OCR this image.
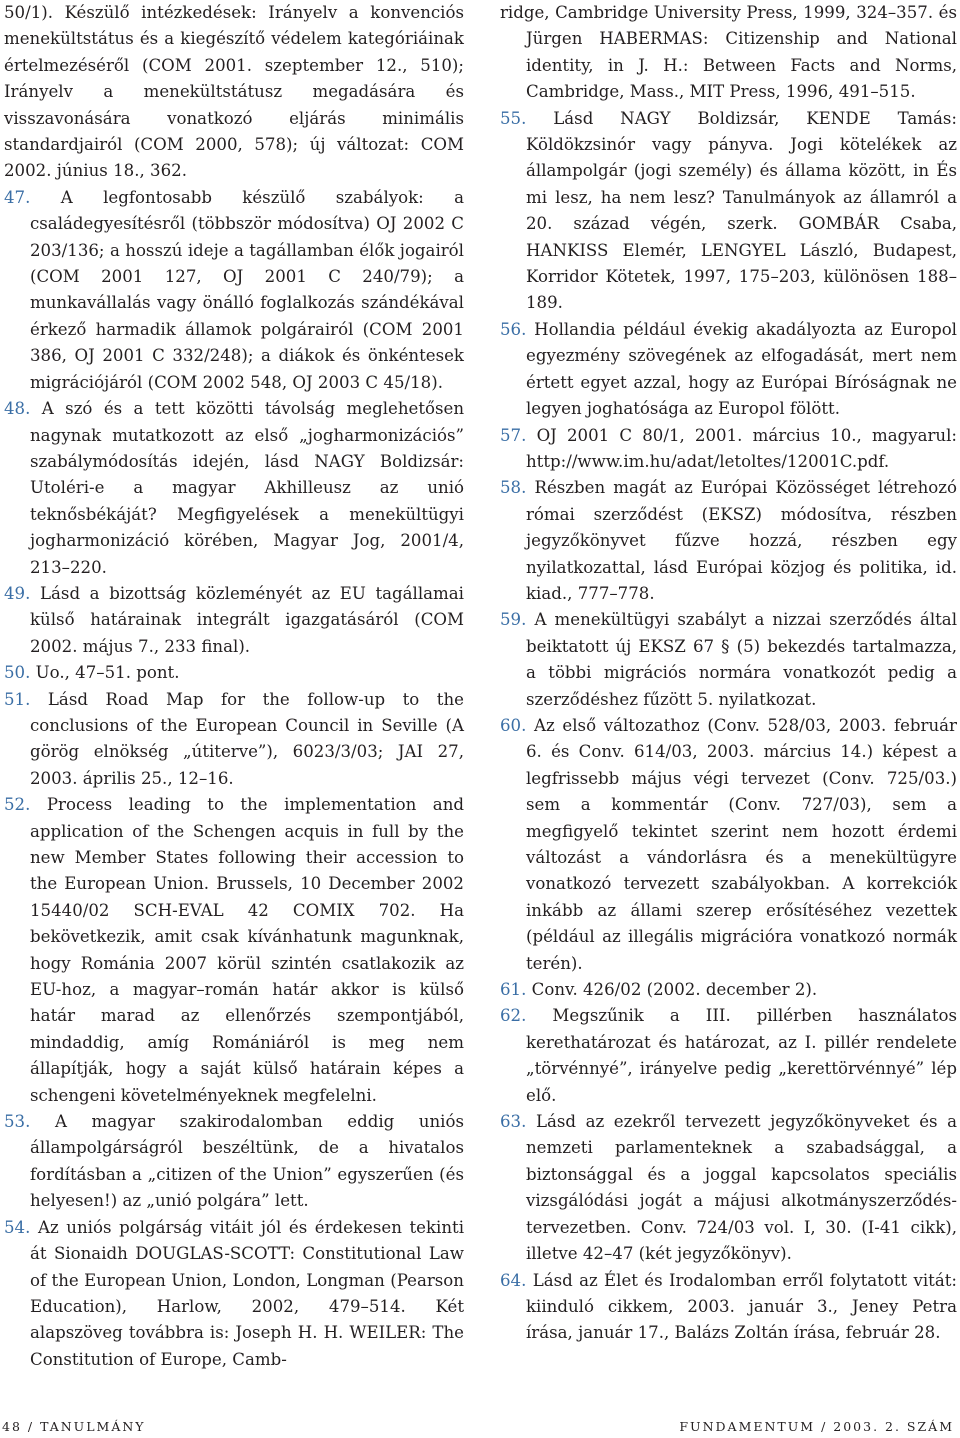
50/1). Készülő intézkedések: Irányelv a konvenciós menekültstátus és a kiegészítő védelem kategóriáinak értelmezéséről (COM 2001. szeptember 12., 510); Irányelv a menekültstátusz megadására és visszavonására vonatkozó eljárás minimális standardjairól (COM 2000, 578); új változat: COM 2002. június 18., 362.

47. A legfontosabb készülő szabályok: a családegyesítésről (többször módosítva) OJ 2002 C 203/136; a hosszú ideje a tagállamban élők jogairól (COM 2001 127, OJ 2001 C 240/79); a munkavállalás vagy önálló foglalkozás szándékával érkező harmadik államok polgárairól (COM 2001 386, OJ 2001 C 332/248); a diákok és önkéntesek migrációjáról (COM 2002 548, OJ 2003 C 45/18).

48. A szó és a tett közötti távolság meglehetősen nagynak mutatkozott az első „jogharmonizációs” szabálymódosítás idején, lásd NAGY Boldizsár: Utoléri-e a magyar Akhilleusz az unió teknősbékáját? Megfigyelések a menekültügyi jogharmonizáció körében, Magyar Jog, 2001/4, 213–220.

49. Lásd a bizottság közleményét az EU tagállamai külső határainak integrált igazgatásáról (COM 2002. május 7., 233 final).

50. Uo., 47–51. pont.

51. Lásd Road Map for the follow-up to the conclusions of the European Council in Seville (A görög elnökség „útiterve”), 6023/3/03; JAI 27, 2003. április 25., 12–16.

52. Process leading to the implementation and application of the Schengen acquis in full by the new Member States following their accession to the European Union. Brussels, 10 December 2002 15440/02 SCH-EVAL 42 COMIX 702. Ha bekövetkezik, amit csak kívánhatunk magunknak, hogy Románia 2007 körül szintén csatlakozik az EU-hoz, a magyar–román határ akkor is külső határ marad az ellenőrzés szempontjából, mindaddig, amíg Romániáról is meg nem állapítják, hogy a saját külső határain képes a schengeni követelményeknek megfelelni.

53. A magyar szakirodalomban eddig uniós állampolgárságról beszéltünk, de a hivatalos fordításban a „citizen of the Union” egyszerűen (és helyesen!) az „unió polgára” lett.

54. Az uniós polgárság vitáit jól és érdekesen tekinti át Sionaidh DOUGLAS-SCOTT: Constitutional Law of the European Union, London, Longman (Pearson Education), Harlow, 2002, 479–514. Két alapszöveg továbbra is: Joseph H. H. WEILER: The Constitution of Europe, Camb-

ridge, Cambridge University Press, 1999, 324–357. és Jürgen HABERMAS: Citizenship and National identity, in J. H.: Between Facts and Norms, Cambridge, Mass., MIT Press, 1996, 491–515.

55. Lásd NAGY Boldizsár, KENDE Tamás: Köldökzsinór vagy pányva. Jogi kötelékek az állampolgár (jogi személy) és állama között, in És mi lesz, ha nem lesz? Tanulmányok az államról a 20. század végén, szerk. GOMBÁR Csaba, HANKISS Elemér, LENGYEL László, Budapest, Korridor Kötetek, 1997, 175–203, különösen 188–189.

56. Hollandia például évekig akadályozta az Europol egyezmény szövegének az elfogadását, mert nem értett egyet azzal, hogy az Európai Bíróságnak ne legyen joghatósága az Europol fölött.

57. OJ 2001 C 80/1, 2001. március 10., magyarul: http://www.im.hu/adat/letoltes/12001C.pdf.

58. Részben magát az Európai Közösséget létrehozó római szerződést (EKSZ) módosítva, részben jegyzőkönyvet fűzve hozzá, részben egy nyilatkozattal, lásd Európai közjog és politika, id. kiad., 777–778.

59. A menekültügyi szabályt a nizzai szerződés által beiktatott új EKSZ 67 § (5) bekezdés tartalmazza, a többi migrációs normára vonatkozót pedig a szerződéshez fűzött 5. nyilatkozat.

60. Az első változathoz (Conv. 528/03, 2003. február 6. és Conv. 614/03, 2003. március 14.) képest a legfrissebb május végi tervezet (Conv. 725/03.) sem a kommentár (Conv. 727/03), sem a megfigyelő tekintet szerint nem hozott érdemi változást a vándorlásra és a menekültügyre vonatkozó tervezett szabályokban. A korrekciók inkább az állami szerep erősítéséhez vezettek (például az illegális migrációra vonatkozó normák terén).

61. Conv. 426/02 (2002. december 2).

62. Megszűnik a III. pillérben használatos kerethatározat és határozat, az I. pillér rendelete „törvénnyé”, irányelve pedig „kerettörvénnyé” lép elő.

63. Lásd az ezekről tervezett jegyzőkönyveket és a nemzeti parlamenteknek a szabadsággal, a biztonsággal és a joggal kapcsolatos speciális vizsgálódási jogát a májusi alkotmányszerződés-tervezetben. Conv. 724/03 vol. I, 30. (I-41 cikk), illetve 42–47 (két jegyzőkönyv).

64. Lásd az Élet és Irodalomban erről folytatott vitát: kiinduló cikkem, 2003. január 3., Jeney Petra írása, január 17., Balázs Zoltán írása, február 28.

48 / TANULMÁNY	FUNDAMENTUM / 2003. 2. SZÁM
